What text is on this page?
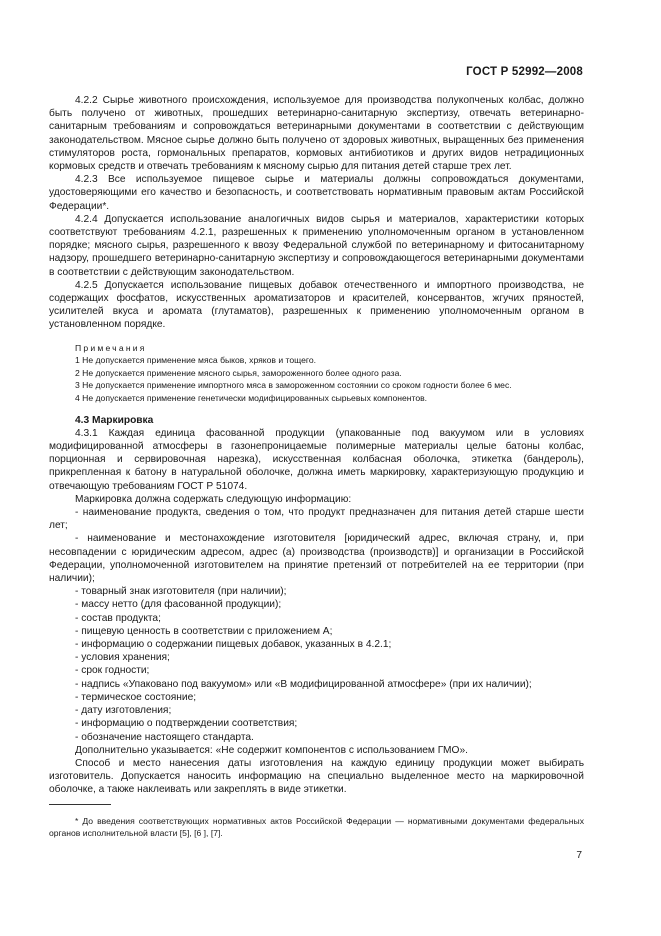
ГОСТ Р 52992—2008

4.2.2 Сырье животного происхождения, используемое для производства полукопченых колбас, должно быть получено от животных, прошедших ветеринарно-санитарную экспертизу, отвечать ветеринарно-санитарным требованиям и сопровождаться ветеринарными документами в соответствии с действующим законодательством. Мясное сырье должно быть получено от здоровых животных, выращенных без применения стимуляторов роста, гормональных препаратов, кормовых антибиотиков и других видов нетрадиционных кормовых средств и отвечать требованиям к мясному сырью для питания детей старше трех лет.

4.2.3 Все используемое пищевое сырье и материалы должны сопровождаться документами, удостоверяющими его качество и безопасность, и соответствовать нормативным правовым актам Российской Федерации*.

4.2.4 Допускается использование аналогичных видов сырья и материалов, характеристики которых соответствуют требованиям 4.2.1, разрешенных к применению уполномоченным органом в установленном порядке; мясного сырья, разрешенного к ввозу Федеральной службой по ветеринарному и фитосанитарному надзору, прошедшего ветеринарно-санитарную экспертизу и сопровождающегося ветеринарными документами в соответствии с действующим законодательством.

4.2.5 Допускается использование пищевых добавок отечественного и импортного производства, не содержащих фосфатов, искусственных ароматизаторов и красителей, консервантов, жгучих пряностей, усилителей вкуса и аромата (глутаматов), разрешенных к применению уполномоченным органом в установленном порядке.

Примечания
1 Не допускается применение мяса быков, хряков и тощего.
2 Не допускается применение мясного сырья, замороженного более одного раза.
3 Не допускается применение импортного мяса в замороженном состоянии со сроком годности более 6 мес.
4 Не допускается применение генетически модифицированных сырьевых компонентов.
4.3 Маркировка

4.3.1 Каждая единица фасованной продукции (упакованные под вакуумом или в условиях модифицированной атмосферы в газонепроницаемые полимерные материалы целые батоны колбас, порционная и сервировочная нарезка), искусственная колбасная оболочка, этикетка (бандероль), прикрепленная к батону в натуральной оболочке, должна иметь маркировку, характеризующую продукцию и отвечающую требованиям ГОСТ Р 51074.

Маркировка должна содержать следующую информацию:

- наименование продукта, сведения о том, что продукт предназначен для питания детей старше шести лет;

- наименование и местонахождение изготовителя [юридический адрес, включая страну, и, при несовпадении с юридическим адресом, адрес (а) производства (производств)] и организации в Российской Федерации, уполномоченной изготовителем на принятие претензий от потребителей на ее территории (при наличии);

- товарный знак изготовителя (при наличии);
- массу нетто (для фасованной продукции);
- состав продукта;
- пищевую ценность в соответствии с приложением А;
- информацию о содержании пищевых добавок, указанных в 4.2.1;
- условия хранения;
- срок годности;
- надпись «Упаковано под вакуумом» или «В модифицированной атмосфере» (при их наличии);
- термическое состояние;
- дату изготовления;
- информацию о подтверждении соответствия;
- обозначение настоящего стандарта.

Дополнительно указывается: «Не содержит компонентов с использованием ГМО».

Способ и место нанесения даты изготовления на каждую единицу продукции может выбирать изготовитель. Допускается наносить информацию на специально выделенное место на маркировочной оболочке, а также наклеивать или закреплять в виде этикетки.

* До введения соответствующих нормативных актов Российской Федерации — нормативными документами федеральных органов исполнительной власти [5], [6 ], [7].

7
